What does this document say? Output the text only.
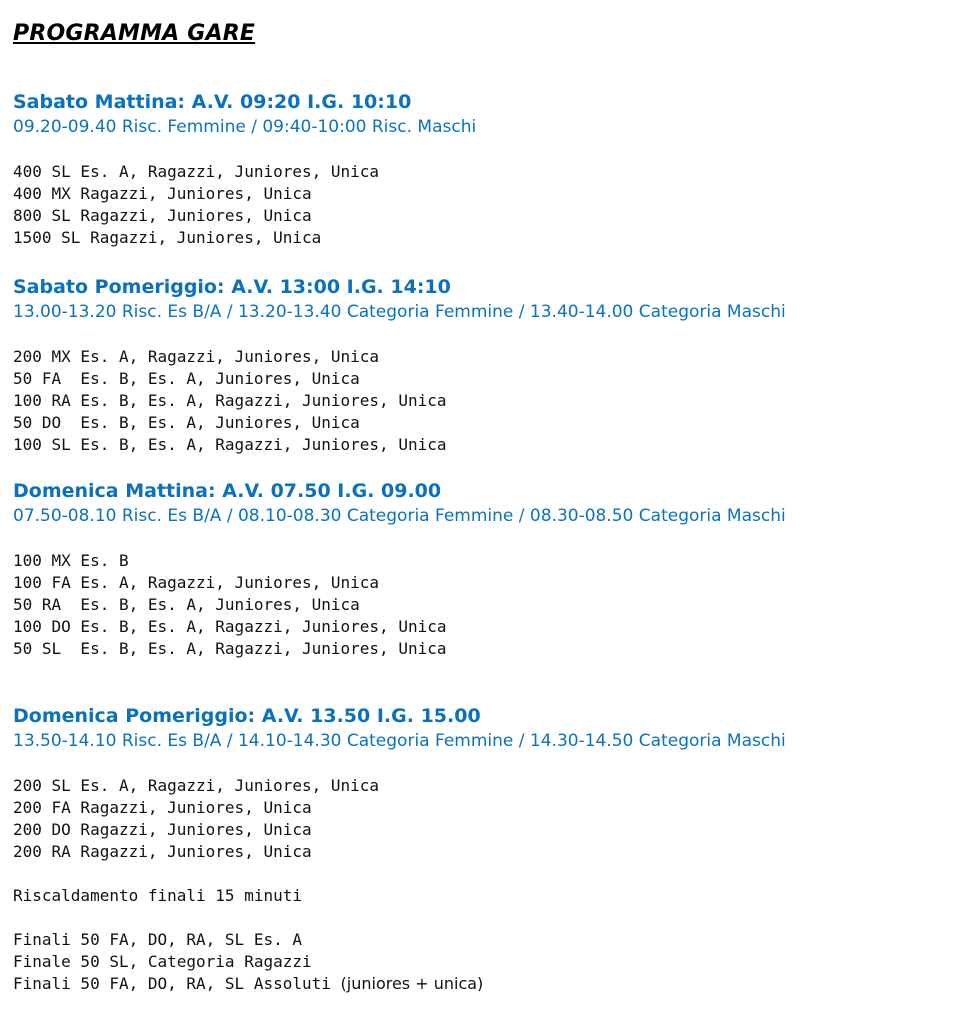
PROGRAMMA GARE
Sabato Mattina: A.V. 09:20 I.G. 10:10
09.20-09.40 Risc. Femmine / 09:40-10:00 Risc. Maschi
400 SL Es. A, Ragazzi, Juniores, Unica
400 MX Ragazzi, Juniores, Unica
800 SL Ragazzi, Juniores, Unica
1500 SL Ragazzi, Juniores, Unica
Sabato Pomeriggio: A.V. 13:00 I.G. 14:10
13.00-13.20 Risc. Es B/A / 13.20-13.40 Categoria Femmine / 13.40-14.00 Categoria Maschi
200 MX Es. A, Ragazzi, Juniores, Unica
50 FA  Es. B, Es. A, Juniores, Unica
100 RA Es. B, Es. A, Ragazzi, Juniores, Unica
50 DO  Es. B, Es. A, Juniores, Unica
100 SL Es. B, Es. A, Ragazzi, Juniores, Unica
Domenica Mattina: A.V. 07.50 I.G. 09.00
07.50-08.10 Risc. Es B/A / 08.10-08.30 Categoria Femmine / 08.30-08.50 Categoria Maschi
100 MX Es. B
100 FA Es. A, Ragazzi, Juniores, Unica
50 RA  Es. B, Es. A, Juniores, Unica
100 DO Es. B, Es. A, Ragazzi, Juniores, Unica
50 SL  Es. B, Es. A, Ragazzi, Juniores, Unica
Domenica Pomeriggio: A.V. 13.50 I.G. 15.00
13.50-14.10 Risc. Es B/A / 14.10-14.30 Categoria Femmine / 14.30-14.50 Categoria Maschi
200 SL Es. A, Ragazzi, Juniores, Unica
200 FA Ragazzi, Juniores, Unica
200 DO Ragazzi, Juniores, Unica
200 RA Ragazzi, Juniores, Unica
Riscaldamento finali 15 minuti
Finali 50 FA, DO, RA, SL Es. A
Finale 50 SL, Categoria Ragazzi
Finali 50 FA, DO, RA, SL Assoluti (juniores + unica)
